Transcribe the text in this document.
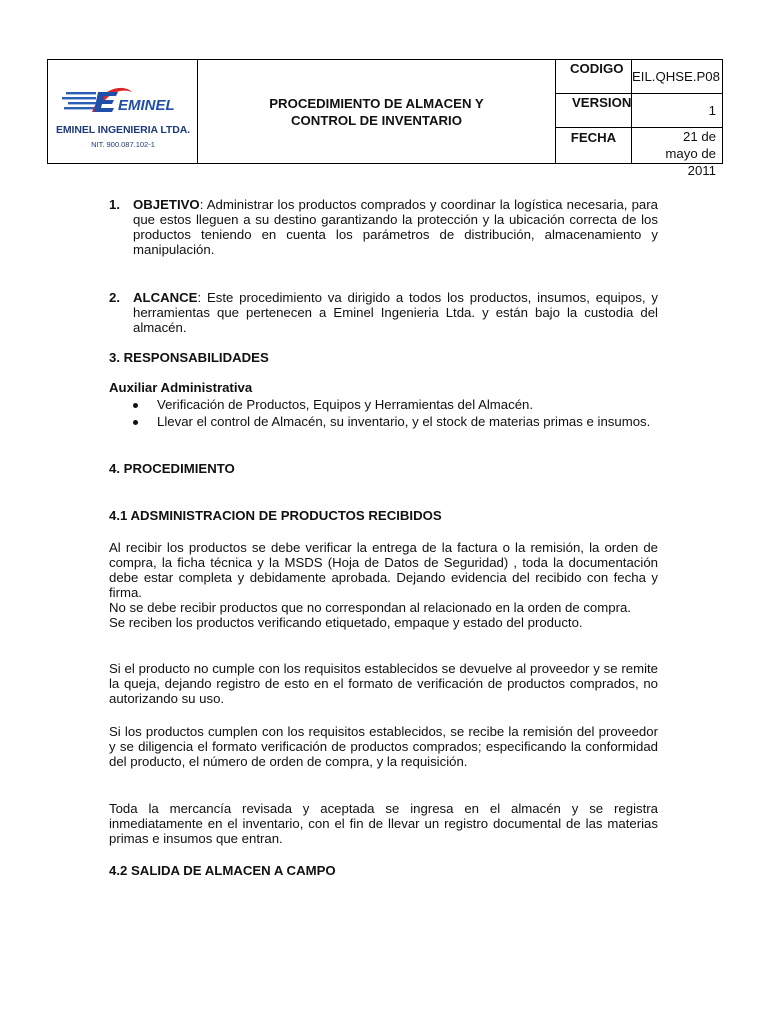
EMINEL
EMINEL INGENIERIA LTDA.
NIT. 900.087.102-1
PROCEDIMIENTO DE ALMACEN Y CONTROL DE INVENTARIO
CODIGO
EIL.QHSE.P08
VERSION
1
FECHA	21 de mayo de 2011
1. OBJETIVO: Administrar los productos comprados y coordinar la logística necesaria, para que estos lleguen a su destino garantizando la protección y la ubicación correcta de los productos teniendo en cuenta los parámetros de distribución, almacenamiento y manipulación.
2. ALCANCE: Este procedimiento va dirigido a todos los productos, insumos, equipos, y herramientas que pertenecen a Eminel Ingenieria Ltda. y están bajo la custodia del almacén.
3. RESPONSABILIDADES
Auxiliar Administrativa
Verificación de Productos, Equipos y Herramientas del Almacén.
Llevar el control de Almacén, su inventario, y el stock de materias primas e insumos.
4. PROCEDIMIENTO
4.1 ADSMINISTRACION DE PRODUCTOS RECIBIDOS
Al recibir los productos se debe verificar la entrega de la factura o la remisión, la orden de compra, la ficha técnica y la MSDS (Hoja de Datos de Seguridad) , toda la documentación debe estar completa y debidamente aprobada. Dejando evidencia del recibido con fecha y firma.
No se debe recibir productos que no correspondan al relacionado en la orden de compra.
Se reciben los productos verificando etiquetado, empaque y estado del producto.
Si el producto no cumple con los requisitos establecidos se devuelve al proveedor y se remite la queja, dejando registro de esto en el formato de verificación de productos comprados, no autorizando su uso.
Si los productos cumplen con los requisitos establecidos, se recibe la remisión del proveedor y se diligencia el formato verificación de productos comprados; especificando la conformidad del producto, el número de orden de compra, y la requisición.
Toda la mercancía revisada y aceptada se ingresa en el almacén y se registra inmediatamente en el inventario, con el fin de llevar un registro documental de las materias primas e insumos que entran.
4.2 SALIDA DE ALMACEN A CAMPO
